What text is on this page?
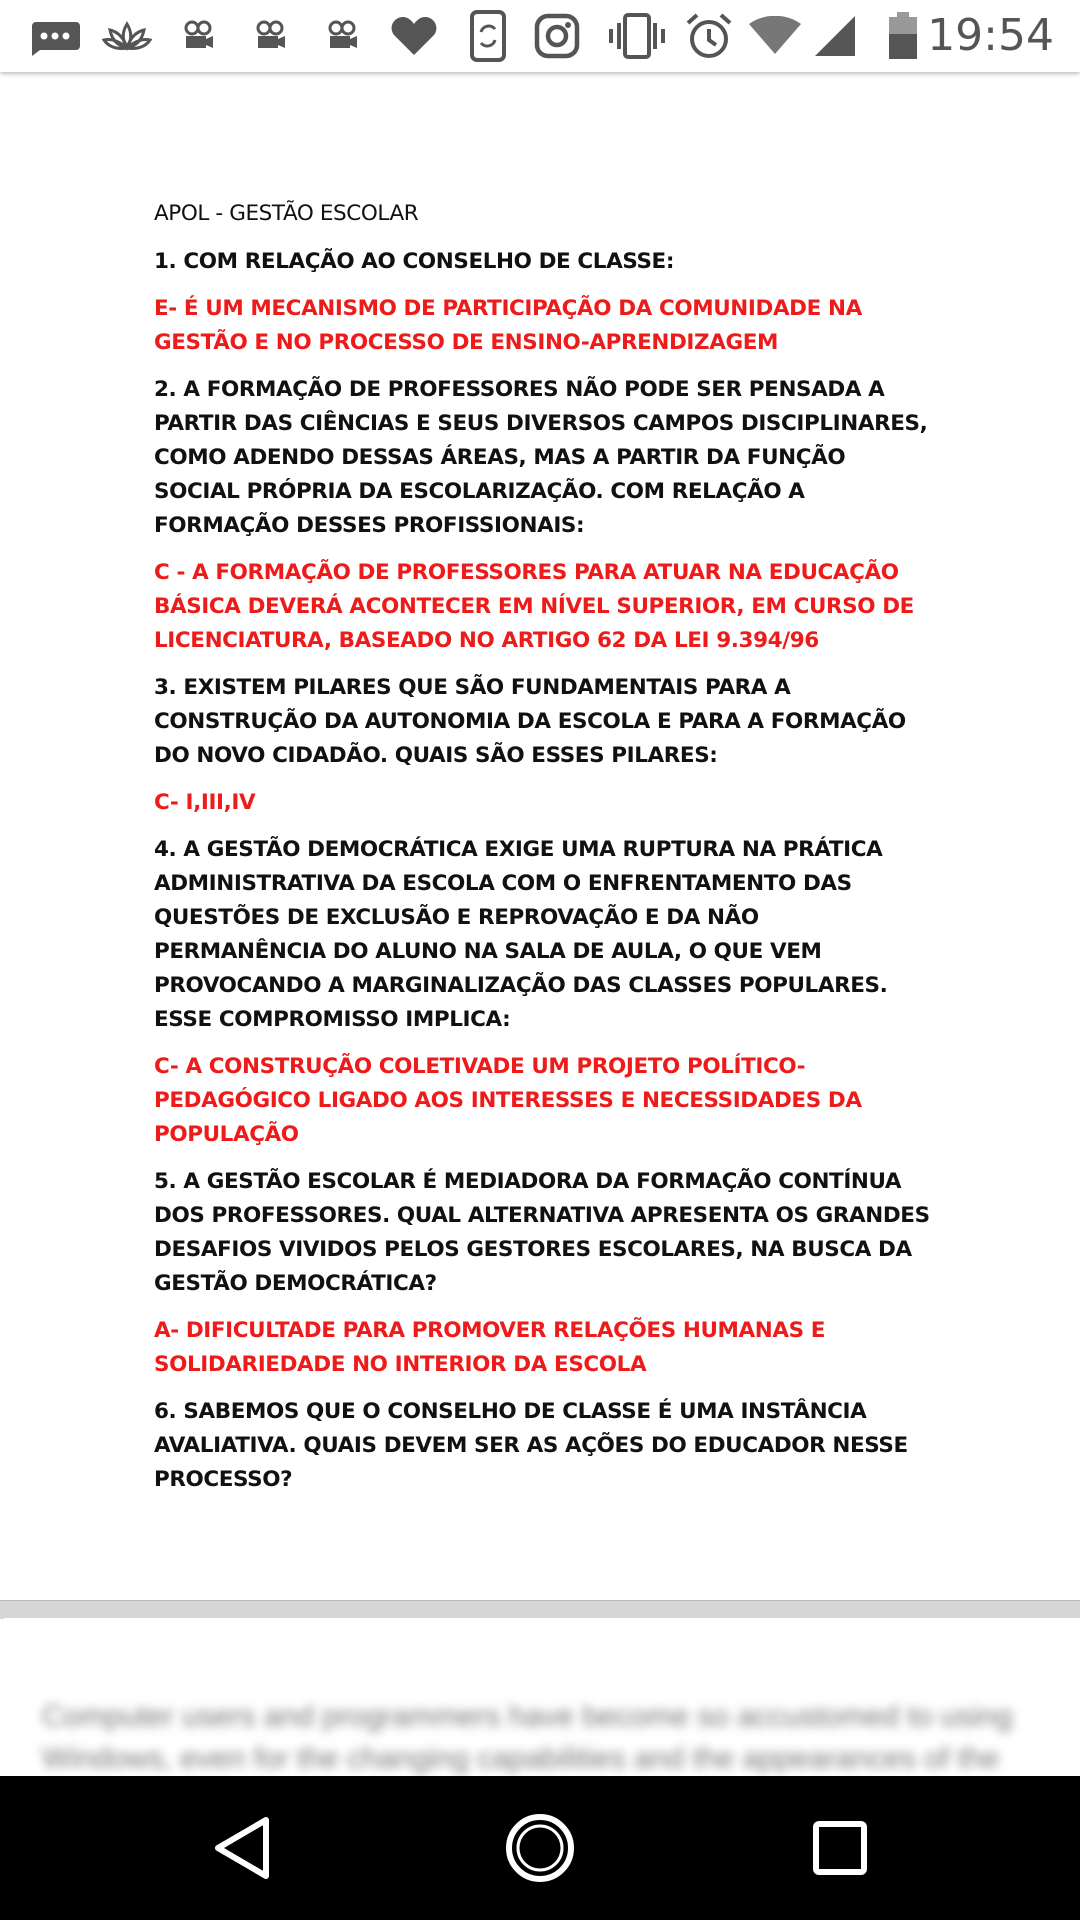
19:54

APOL - GESTÃO ESCOLAR

1. COM RELAÇÃO AO CONSELHO DE CLASSE:

E- É UM MECANISMO DE PARTICIPAÇÃO DA COMUNIDADE NA GESTÃO E NO PROCESSO DE ENSINO-APRENDIZAGEM

2. A FORMAÇÃO DE PROFESSORES NÃO PODE SER PENSADA A PARTIR DAS CIÊNCIAS E SEUS DIVERSOS CAMPOS DISCIPLINARES, COMO ADENDO DESSAS ÁREAS, MAS A PARTIR DA FUNÇÃO SOCIAL PRÓPRIA DA ESCOLARIZAÇÃO. COM RELAÇÃO A FORMAÇÃO DESSES PROFISSIONAIS:

C - A FORMAÇÃO DE PROFESSORES PARA ATUAR NA EDUCAÇÃO BÁSICA DEVERÁ ACONTECER EM NÍVEL SUPERIOR, EM CURSO DE LICENCIATURA, BASEADO NO ARTIGO 62 DA LEI 9.394/96

3. EXISTEM PILARES QUE SÃO FUNDAMENTAIS PARA A CONSTRUÇÃO DA AUTONOMIA DA ESCOLA E PARA A FORMAÇÃO DO NOVO CIDADÃO. QUAIS SÃO ESSES PILARES:

C- I,III,IV

4. A GESTÃO DEMOCRÁTICA EXIGE UMA RUPTURA NA PRÁTICA ADMINISTRATIVA DA ESCOLA COM O ENFRENTAMENTO DAS QUESTÕES DE EXCLUSÃO E REPROVAÇÃO E DA NÃO PERMANÊNCIA DO ALUNO NA SALA DE AULA, O QUE VEM PROVOCANDO A MARGINALIZAÇÃO DAS CLASSES POPULARES. ESSE COMPROMISSO IMPLICA:

C- A CONSTRUÇÃO COLETIVADE UM PROJETO POLÍTICO-PEDAGÓGICO LIGADO AOS INTERESSES E NECESSIDADES DA POPULAÇÃO

5. A GESTÃO ESCOLAR É MEDIADORA DA FORMAÇÃO CONTÍNUA DOS PROFESSORES. QUAL ALTERNATIVA APRESENTA OS GRANDES DESAFIOS VIVIDOS PELOS GESTORES ESCOLARES, NA BUSCA DA GESTÃO DEMOCRÁTICA?

A- DIFICULTADE PARA PROMOVER RELAÇÕES HUMANAS E SOLIDARIEDADE NO INTERIOR DA ESCOLA

6. SABEMOS QUE O CONSELHO DE CLASSE É UMA INSTÂNCIA AVALIATIVA. QUAIS DEVEM SER AS AÇÕES DO EDUCADOR NESSE PROCESSO?

Computer users and programmers have become so accustomed to using Windows, even for the changing capabilities and the appearances of the
